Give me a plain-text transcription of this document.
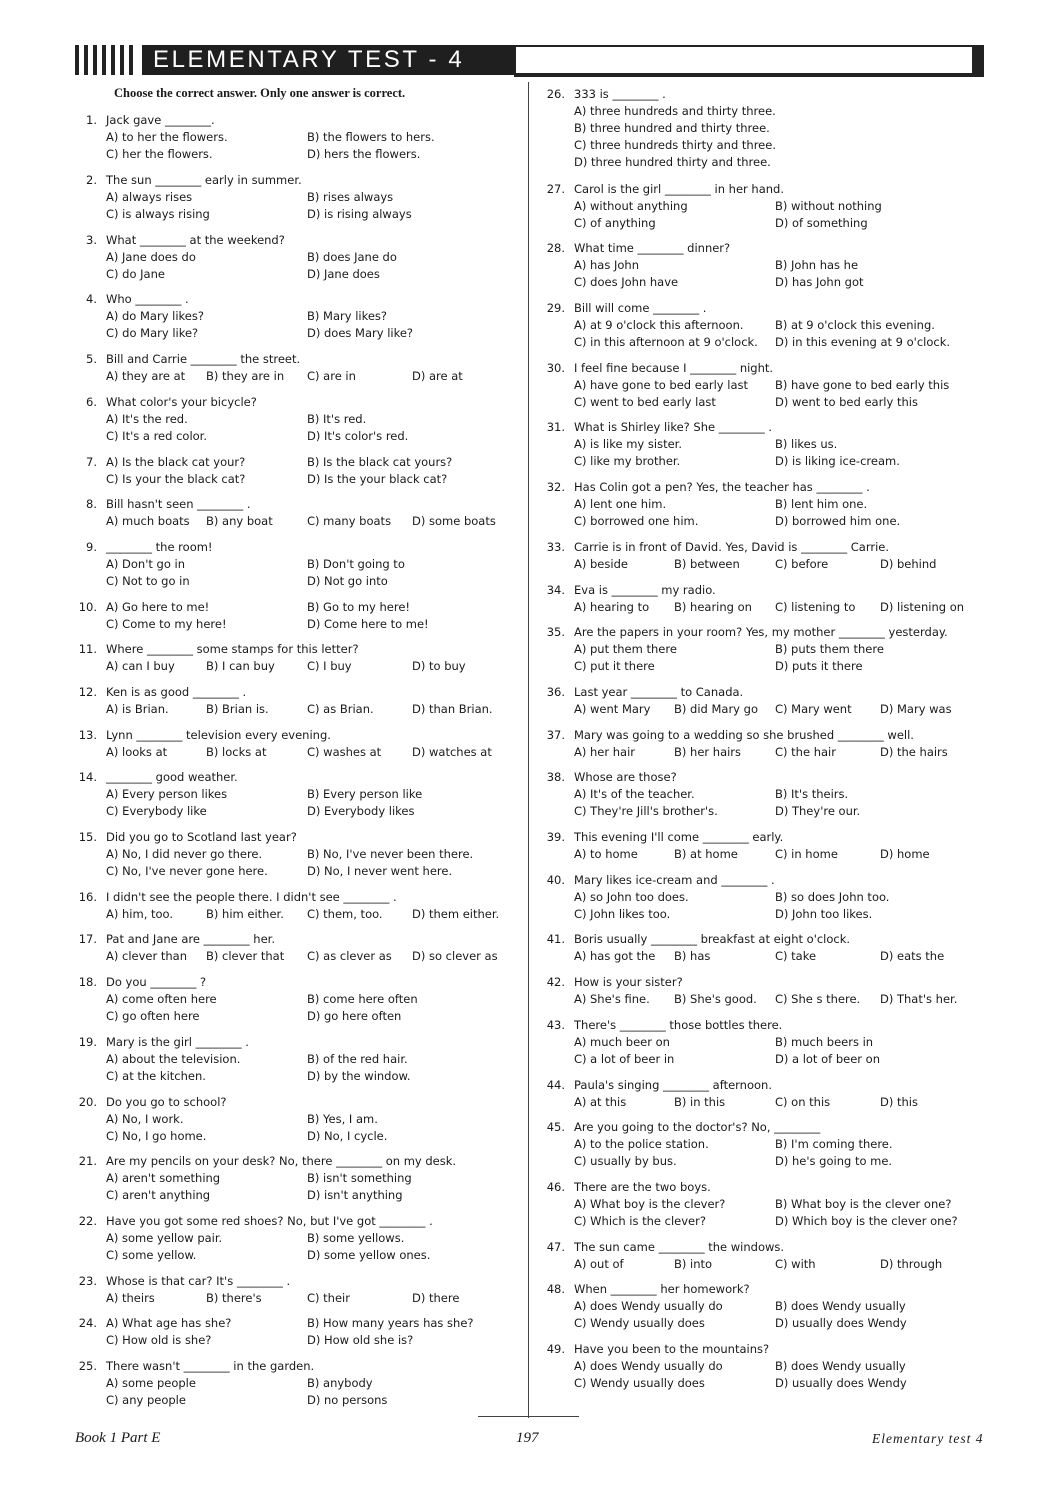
ELEMENTARY TEST - 4
Choose the correct answer. Only one answer is correct.
1. Jack gave ________.
A) to her the flowers.	B) the flowers to hers.
C) her the flowers.	D) hers the flowers.
2. The sun ________ early in summer.
A) always rises	B) rises always
C) is always rising	D) is rising always
3. What ________ at the weekend?
A) Jane does do	B) does Jane do
C) do Jane	D) Jane does
4. Who ________ .
A) do Mary likes?	B) Mary likes?
C) do Mary like?	D) does Mary like?
5. Bill and Carrie ________ the street.
A) they are at B) they are in C) are in	D) are at
6. What color's your bicycle?
A) It's the red.	B) It's red.
C) It's a red color.	D) It's color's red.
7. A) Is the black cat your?	B) Is the black cat yours?
C) Is your the black cat?	D) Is the your black cat?
8. Bill hasn't seen ________ .
A) much boats B) any boat	C) many boats D) some boats
9. ________ the room!
A) Don't go in	B) Don't going to
C) Not to go in	D) Not go into
10. A) Go here to me!	B) Go to my here!
C) Come to my here!	D) Come here to me!
11. Where ________ some stamps for this letter?
A) can I buy	B) I can buy	C) I buy	D) to buy
12. Ken is as good ________ .
A) is Brian.	B) Brian is.	C) as Brian.	D) than Brian.
13. Lynn ________ television every evening.
A) looks at	B) locks at	C) washes at	D) watches at
14. ________ good weather.
A) Every person likes	B) Every person like
C) Everybody like	D) Everybody likes
15. Did you go to Scotland last year?
A) No, I did never go there.	B) No, I've never been there.
C) No, I've never gone here.	D) No, I never went here.
16. I didn't see the people there. I didn't see ________ .
A) him, too.	B) him either. C) them, too.	D) them either.
17. Pat and Jane are ________ her.
A) clever than B) clever that C) as clever as D) so clever as
18. Do you ________ ?
A) come often here	B) come here often
C) go often here	D) go here often
19. Mary is the girl ________ .
A) about the television.	B) of the red hair.
C) at the kitchen.	D) by the window.
20. Do you go to school?
A) No, I work.	B) Yes, I am.
C) No, I go home.	D) No, I cycle.
21. Are my pencils on your desk? No, there ________ on my desk.
A) aren't something	B) isn't something
C) aren't anything	D) isn't anything
22. Have you got some red shoes? No, but I've got ________ .
A) some yellow pair.	B) some yellows.
C) some yellow.	D) some yellow ones.
23. Whose is that car? It's ________ .
A) theirs	B) there's	C) their	D) there
24. A) What age has she?	B) How many years has she?
C) How old is she?	D) How old she is?
25. There wasn't ________ in the garden.
A) some people	B) anybody
C) any people	D) no persons
26. 333 is ________ .
A) three hundreds and thirty three.
B) three hundred and thirty three.
C) three hundreds thirty and three.
D) three hundred thirty and three.
27. Carol is the girl ________ in her hand.
A) without anything	B) without nothing
C) of anything	D) of something
28. What time ________ dinner?
A) has John	B) John has he
C) does John have	D) has John got
29. Bill will come ________ .
A) at 9 o'clock this afternoon.	B) at 9 o'clock this evening.
C) in this afternoon at 9 o'clock. D) in this evening at 9 o'clock.
30. I feel fine because I ________ night.
A) have gone to bed early last B) have gone to bed early this
C) went to bed early last	D) went to bed early this
31. What is Shirley like? She ________ .
A) is like my sister.	B) likes us.
C) like my brother.	D) is liking ice-cream.
32. Has Colin got a pen? Yes, the teacher has ________ .
A) lent one him.	B) lent him one.
C) borrowed one him.	D) borrowed him one.
33. Carrie is in front of David. Yes, David is ________ Carrie.
A) beside	B) between	C) before	D) behind
34. Eva is ________ my radio.
A) hearing to B) hearing on C) listening to D) listening on
35. Are the papers in your room? Yes, my mother ________ yesterday.
A) put them there	B) puts them there
C) put it there	D) puts it there
36. Last year ________ to Canada.
A) went Mary B) did Mary go C) Mary went D) Mary was
37. Mary was going to a wedding so she brushed ________ well.
A) her hair	B) her hairs	C) the hair	D) the hairs
38. Whose are those?
A) It's of the teacher.	B) It's theirs.
C) They're Jill's brother's.	D) They're our.
39. This evening I'll come ________ early.
A) to home	B) at home	C) in home	D) home
40. Mary likes ice-cream and ________ .
A) so John too does.	B) so does John too.
C) John likes too.	D) John too likes.
41. Boris usually ________ breakfast at eight o'clock.
A) has got the B) has	C) take	D) eats the
42. How is your sister?
A) She's fine. B) She's good. C) She s there. D) That's her.
43. There's ________ those bottles there.
A) much beer on	B) much beers in
C) a lot of beer in	D) a lot of beer on
44. Paula's singing ________ afternoon.
A) at this	B) in this	C) on this	D) this
45. Are you going to the doctor's? No, ________
A) to the police station.	B) I'm coming there.
C) usually by bus.	D) he's going to me.
46. There are the two boys.
A) What boy is the clever?	B) What boy is the clever one?
C) Which is the clever?	D) Which boy is the clever one?
47. The sun came ________ the windows.
A) out of	B) into	C) with	D) through
48. When ________ her homework?
A) does Wendy usually do	B) does Wendy usually
C) Wendy usually does	D) usually does Wendy
49. Have you been to the mountains?
A) does Wendy usually do	B) does Wendy usually
C) Wendy usually does	D) usually does Wendy
Book 1 Part E	197	Elementary test 4
